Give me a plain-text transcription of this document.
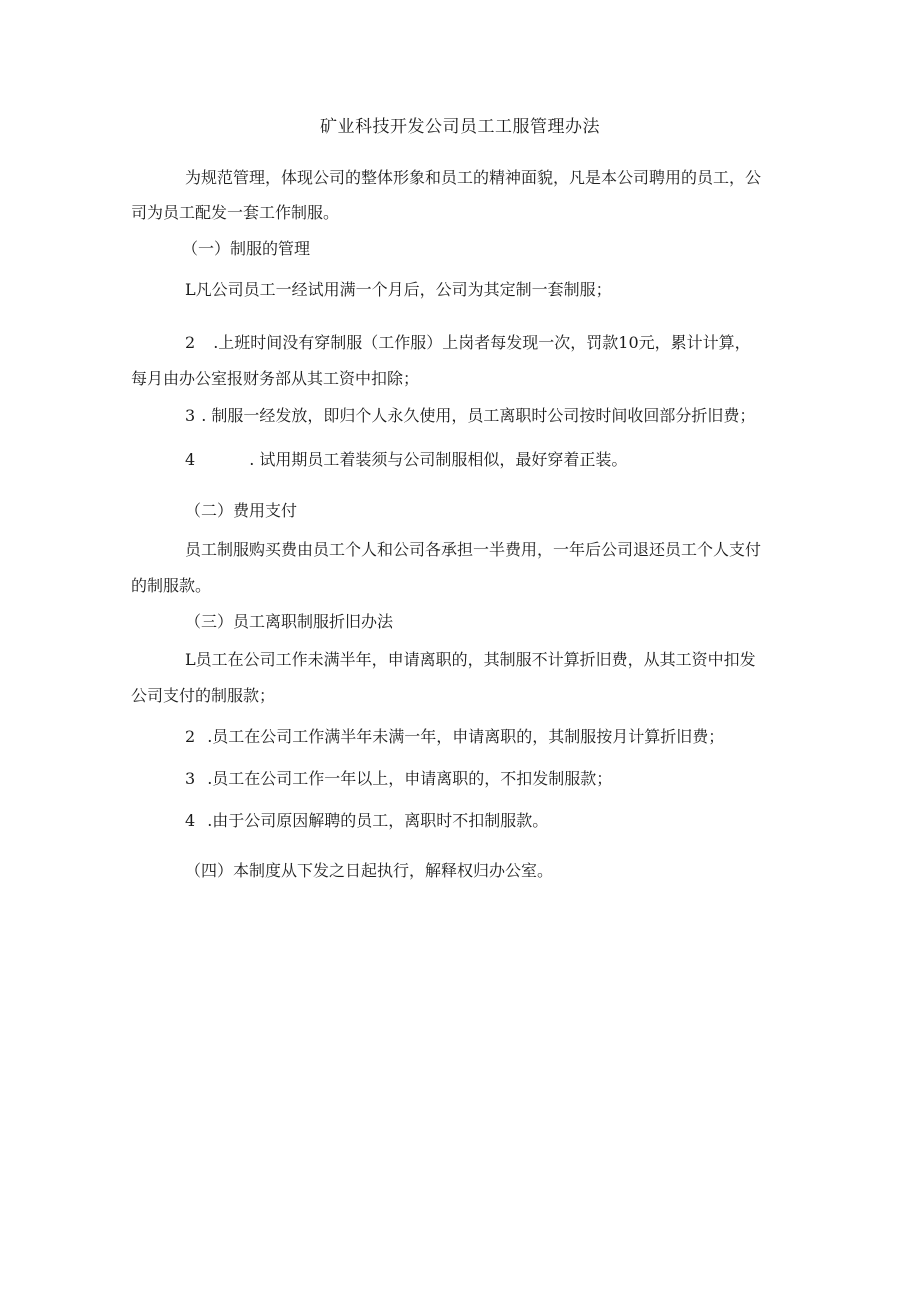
矿业科技开发公司员工工服管理办法
为规范管理，体现公司的整体形象和员工的精神面貌，凡是本公司聘用的员工，公
司为员工配发一套工作制服。
（一）制服的管理
L凡公司员工一经试用满一个月后，公司为其定制一套制服；
2 .上班时间没有穿制服（工作服）上岗者每发现一次，罚款10元，累计计算，
每月由办公室报财务部从其工资中扣除；
3 . 制服一经发放，即归个人永久使用，员工离职时公司按时间收回部分折旧费；
4	. 试用期员工着装须与公司制服相似，最好穿着正装。
（二）费用支付
员工制服购买费由员工个人和公司各承担一半费用，一年后公司退还员工个人支付
的制服款。
（三）员工离职制服折旧办法
L员工在公司工作未满半年，申请离职的，其制服不计算折旧费，从其工资中扣发
公司支付的制服款；
2 .员工在公司工作满半年未满一年，申请离职的，其制服按月计算折旧费；
3 .员工在公司工作一年以上，申请离职的，不扣发制服款；
4 .由于公司原因解聘的员工，离职时不扣制服款。
（四）本制度从下发之日起执行，解释权归办公室。
